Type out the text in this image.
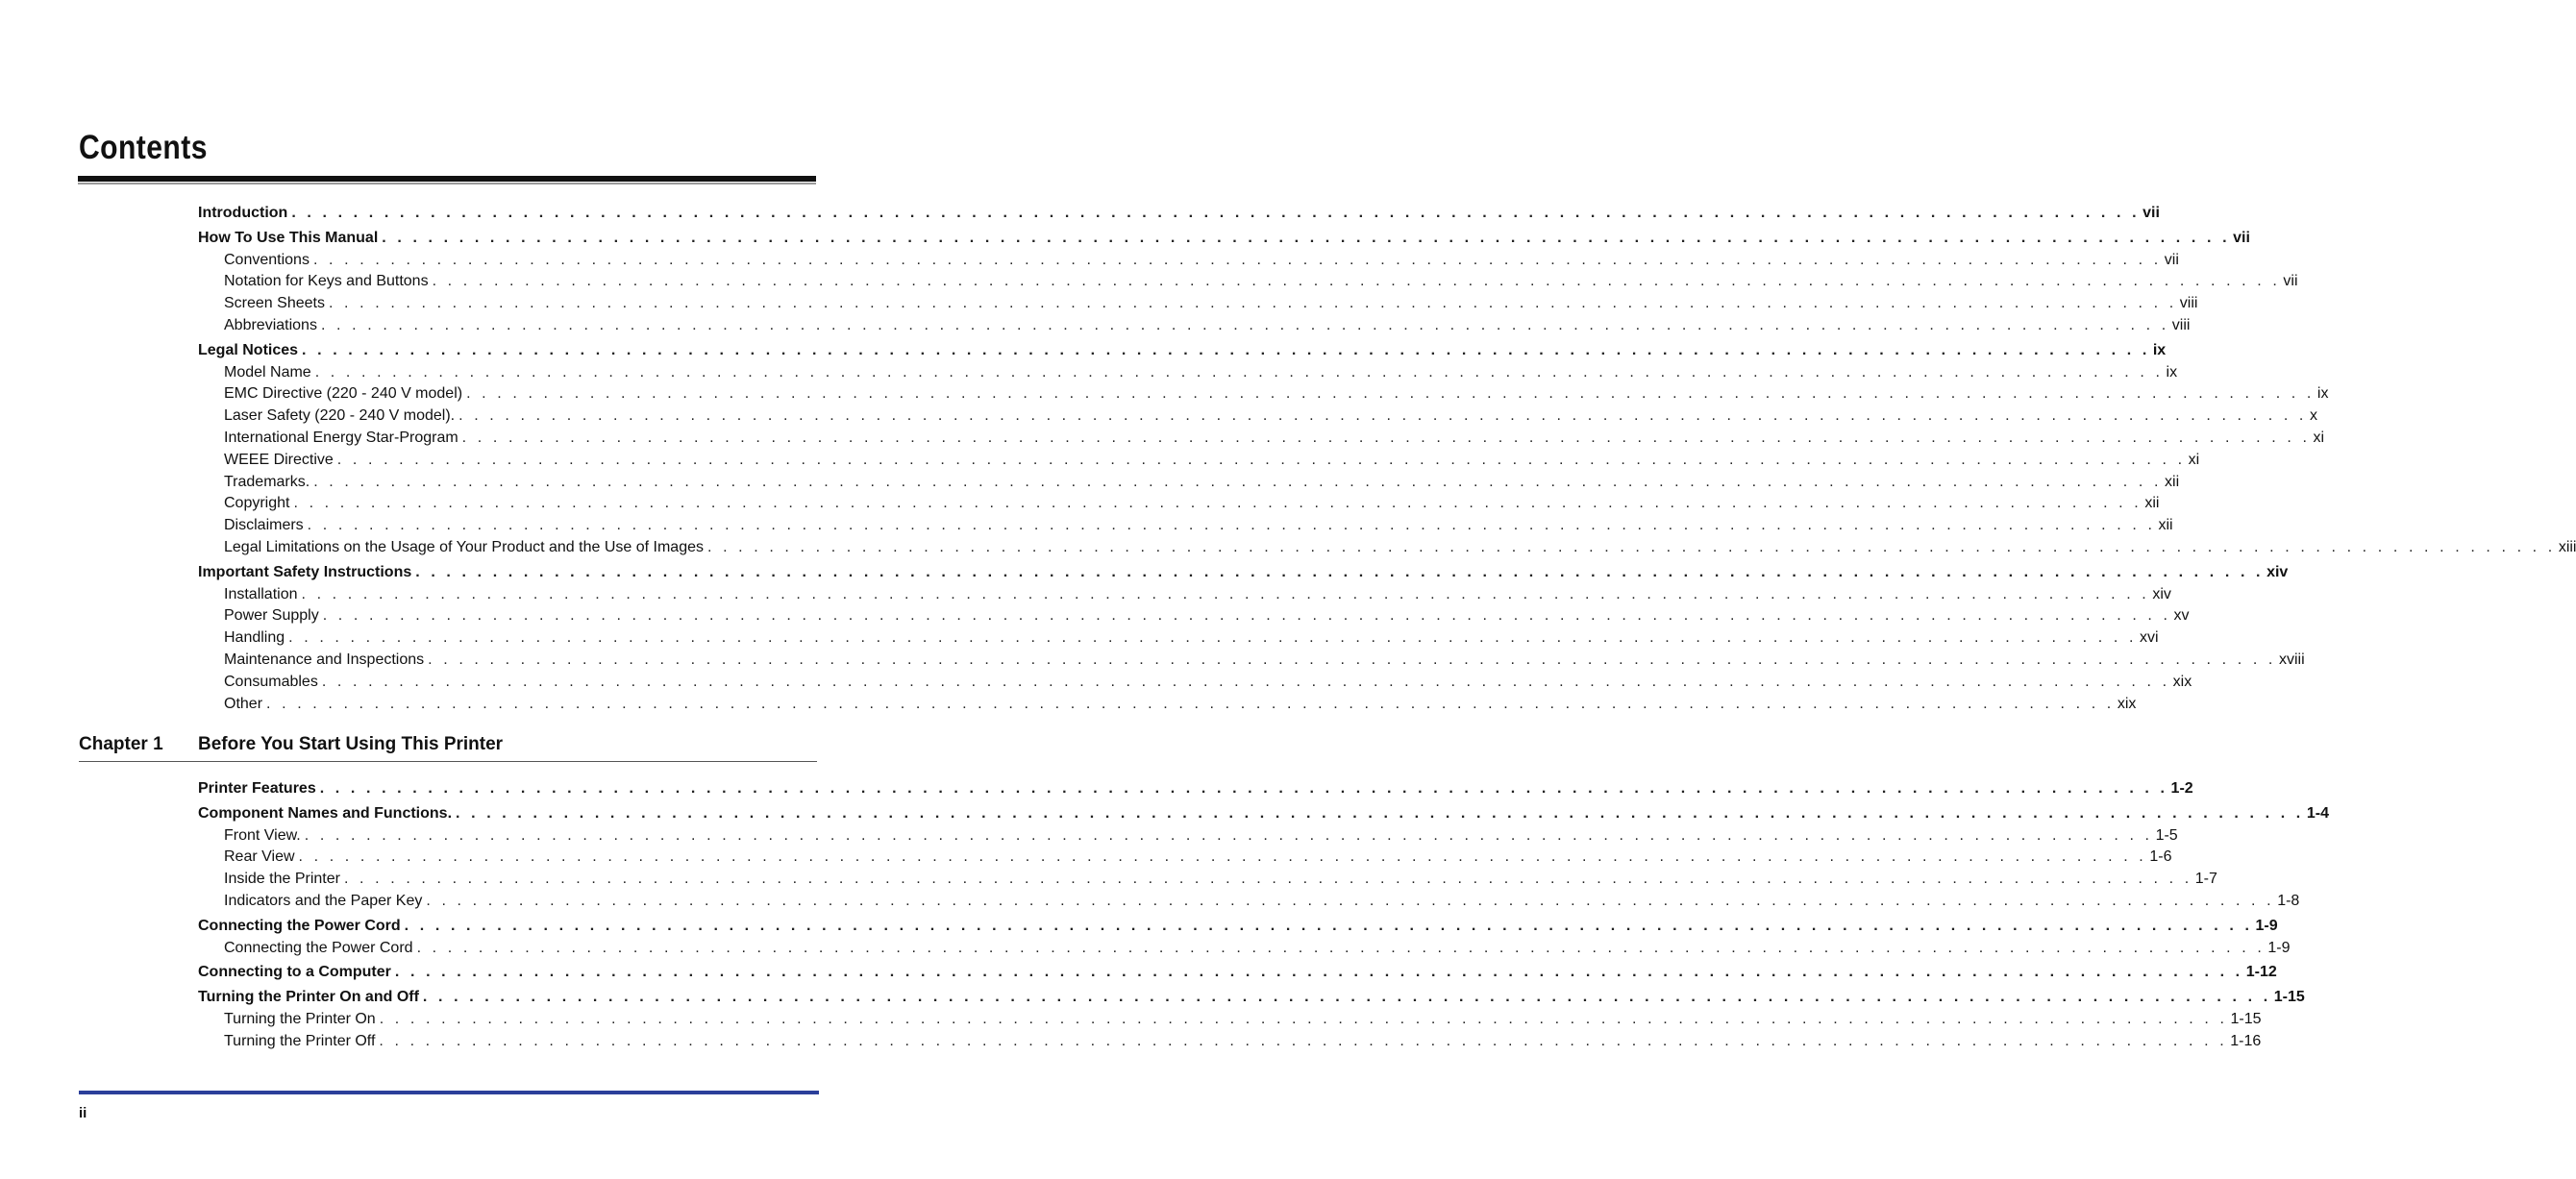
Contents
Introduction . . . . . . . . . . . . . . . . . . . . . . . . . . . . . . . . . . . . . . . . . . . . . . . . . . . . . . . . . . . . . . . . . . . . . . . . . . . . . . . . . . . . . . . . . . . . . . . . . . . . . . . . . . . . . . . . . . . . . . . . vii
How To Use This Manual . . . . . . . . . . . . . . . . . . . . . . . . . . . . . . . . . . . . . . . . . . . . . . . . . . . . . . . . . . . . . . . . . . . . . . . . . . . . . . . . . . . . . . . . . . . . . . . . . . . . . . . . . . . . . . . . . . . . . . . . vii
Conventions . . . . . . . . . . . . . . . . . . . . . . . . . . . . . . . . . . . . . . . . . . . . . . . . . . . . . . . . . . . . . . . . . . . . . . . . . . . . . . . . . . . . . . . . . . . . . . . . . . . . . . . . . . . . . . . . . . . . . . . . vii
Notation for Keys and Buttons . . . . . . . . . . . . . . . . . . . . . . . . . . . . . . . . . . . . . . . . . . . . . . . . . . . . . . . . . . . . . . . . . . . . . . . . . . . . . . . . . . . . . . . . . . . . . . . . . . . . . . . . . . . . . . . . . . . . . . . . vii
Screen Sheets . . . . . . . . . . . . . . . . . . . . . . . . . . . . . . . . . . . . . . . . . . . . . . . . . . . . . . . . . . . . . . . . . . . . . . . . . . . . . . . . . . . . . . . . . . . . . . . . . . . . . . . . . . . . . . . . . . . . . . . . viii
Abbreviations . . . . . . . . . . . . . . . . . . . . . . . . . . . . . . . . . . . . . . . . . . . . . . . . . . . . . . . . . . . . . . . . . . . . . . . . . . . . . . . . . . . . . . . . . . . . . . . . . . . . . . . . . . . . . . . . . . . . . . . . viii
Legal Notices . . . . . . . . . . . . . . . . . . . . . . . . . . . . . . . . . . . . . . . . . . . . . . . . . . . . . . . . . . . . . . . . . . . . . . . . . . . . . . . . . . . . . . . . . . . . . . . . . . . . . . . . . . . . . . . . . . . . . . . . ix
Model Name . . . . . . . . . . . . . . . . . . . . . . . . . . . . . . . . . . . . . . . . . . . . . . . . . . . . . . . . . . . . . . . . . . . . . . . . . . . . . . . . . . . . . . . . . . . . . . . . . . . . . . . . . . . . . . . . . . . . . . . . ix
EMC Directive (220 - 240 V model) . . . . . . . . . . . . . . . . . . . . . . . . . . . . . . . . . . . . . . . . . . . . . . . . . . . . . . . . . . . . . . . . . . . . . . . . . . . . . . . . . . . . . . . . . . . . . . . . . . . . . . . . . . . . . . . . . . . . . . . . ix
Laser Safety (220 - 240 V model). . . . . . . . . . . . . . . . . . . . . . . . . . . . . . . . . . . . . . . . . . . . . . . . . . . . . . . . . . . . . . . . . . . . . . . . . . . . . . . . . . . . . . . . . . . . . . . . . . . . . . . . . . . . . . . . . . . . . . . . . x
International Energy Star-Program . . . . . . . . . . . . . . . . . . . . . . . . . . . . . . . . . . . . . . . . . . . . . . . . . . . . . . . . . . . . . . . . . . . . . . . . . . . . . . . . . . . . . . . . . . . . . . . . . . . . . . . . . . . . . . . . . . . . . . . . xi
WEEE Directive . . . . . . . . . . . . . . . . . . . . . . . . . . . . . . . . . . . . . . . . . . . . . . . . . . . . . . . . . . . . . . . . . . . . . . . . . . . . . . . . . . . . . . . . . . . . . . . . . . . . . . . . . . . . . . . . . . . . . . . . xi
Trademarks. . . . . . . . . . . . . . . . . . . . . . . . . . . . . . . . . . . . . . . . . . . . . . . . . . . . . . . . . . . . . . . . . . . . . . . . . . . . . . . . . . . . . . . . . . . . . . . . . . . . . . . . . . . . . . . . . . . . . . . . . xii
Copyright . . . . . . . . . . . . . . . . . . . . . . . . . . . . . . . . . . . . . . . . . . . . . . . . . . . . . . . . . . . . . . . . . . . . . . . . . . . . . . . . . . . . . . . . . . . . . . . . . . . . . . . . . . . . . . . . . . . . . . . . xii
Disclaimers . . . . . . . . . . . . . . . . . . . . . . . . . . . . . . . . . . . . . . . . . . . . . . . . . . . . . . . . . . . . . . . . . . . . . . . . . . . . . . . . . . . . . . . . . . . . . . . . . . . . . . . . . . . . . . . . . . . . . . . . xii
Legal Limitations on the Usage of Your Product and the Use of Images . . . . . . . . . . . . . . . . . . . . . . . . . . . . . . . . . . . . . . . . . . . . . . . . . . . . . . . . . . . . . . . . . . . . . . . . . . . . . . . . . . . . . . . . . . . . . . . . . . . . . . . . . . . . . . . . . . . . . . . . xiii
Important Safety Instructions . . . . . . . . . . . . . . . . . . . . . . . . . . . . . . . . . . . . . . . . . . . . . . . . . . . . . . . . . . . . . . . . . . . . . . . . . . . . . . . . . . . . . . . . . . . . . . . . . . . . . . . . . . . . . . . . . . . . . . . . xiv
Installation . . . . . . . . . . . . . . . . . . . . . . . . . . . . . . . . . . . . . . . . . . . . . . . . . . . . . . . . . . . . . . . . . . . . . . . . . . . . . . . . . . . . . . . . . . . . . . . . . . . . . . . . . . . . . . . . . . . . . . . . xiv
Power Supply . . . . . . . . . . . . . . . . . . . . . . . . . . . . . . . . . . . . . . . . . . . . . . . . . . . . . . . . . . . . . . . . . . . . . . . . . . . . . . . . . . . . . . . . . . . . . . . . . . . . . . . . . . . . . . . . . . . . . . . . xv
Handling . . . . . . . . . . . . . . . . . . . . . . . . . . . . . . . . . . . . . . . . . . . . . . . . . . . . . . . . . . . . . . . . . . . . . . . . . . . . . . . . . . . . . . . . . . . . . . . . . . . . . . . . . . . . . . . . . . . . . . . . xvi
Maintenance and Inspections . . . . . . . . . . . . . . . . . . . . . . . . . . . . . . . . . . . . . . . . . . . . . . . . . . . . . . . . . . . . . . . . . . . . . . . . . . . . . . . . . . . . . . . . . . . . . . . . . . . . . . . . . . . . . . . . . . . . . . . . xviii
Consumables . . . . . . . . . . . . . . . . . . . . . . . . . . . . . . . . . . . . . . . . . . . . . . . . . . . . . . . . . . . . . . . . . . . . . . . . . . . . . . . . . . . . . . . . . . . . . . . . . . . . . . . . . . . . . . . . . . . . . . . . xix
Other . . . . . . . . . . . . . . . . . . . . . . . . . . . . . . . . . . . . . . . . . . . . . . . . . . . . . . . . . . . . . . . . . . . . . . . . . . . . . . . . . . . . . . . . . . . . . . . . . . . . . . . . . . . . . . . . . . . . . . . . xix
Chapter 1 Before You Start Using This Printer
Printer Features . . . . . . . . . . . . . . . . . . . . . . . . . . . . . . . . . . . . . . . . . . . . . . . . . . . . . . . . . . . . . . . . . . . . . . . . . . . . . . . . . . . . . . . . . . . . . . . . . . . . . . . . . . . . . . . . . . . . . . . . 1-2
Component Names and Functions. . . . . . . . . . . . . . . . . . . . . . . . . . . . . . . . . . . . . . . . . . . . . . . . . . . . . . . . . . . . . . . . . . . . . . . . . . . . . . . . . . . . . . . . . . . . . . . . . . . . . . . . . . . . . . . . . . . . . . . . . 1-4
Front View. . . . . . . . . . . . . . . . . . . . . . . . . . . . . . . . . . . . . . . . . . . . . . . . . . . . . . . . . . . . . . . . . . . . . . . . . . . . . . . . . . . . . . . . . . . . . . . . . . . . . . . . . . . . . . . . . . . . . . . . . 1-5
Rear View . . . . . . . . . . . . . . . . . . . . . . . . . . . . . . . . . . . . . . . . . . . . . . . . . . . . . . . . . . . . . . . . . . . . . . . . . . . . . . . . . . . . . . . . . . . . . . . . . . . . . . . . . . . . . . . . . . . . . . . . 1-6
Inside the Printer . . . . . . . . . . . . . . . . . . . . . . . . . . . . . . . . . . . . . . . . . . . . . . . . . . . . . . . . . . . . . . . . . . . . . . . . . . . . . . . . . . . . . . . . . . . . . . . . . . . . . . . . . . . . . . . . . . . . . . . . 1-7
Indicators and the Paper Key . . . . . . . . . . . . . . . . . . . . . . . . . . . . . . . . . . . . . . . . . . . . . . . . . . . . . . . . . . . . . . . . . . . . . . . . . . . . . . . . . . . . . . . . . . . . . . . . . . . . . . . . . . . . . . . . . . . . . . . . 1-8
Connecting the Power Cord . . . . . . . . . . . . . . . . . . . . . . . . . . . . . . . . . . . . . . . . . . . . . . . . . . . . . . . . . . . . . . . . . . . . . . . . . . . . . . . . . . . . . . . . . . . . . . . . . . . . . . . . . . . . . . . . . . . . . . . . 1-9
Connecting the Power Cord . . . . . . . . . . . . . . . . . . . . . . . . . . . . . . . . . . . . . . . . . . . . . . . . . . . . . . . . . . . . . . . . . . . . . . . . . . . . . . . . . . . . . . . . . . . . . . . . . . . . . . . . . . . . . . . . . . . . . . . . 1-9
Connecting to a Computer . . . . . . . . . . . . . . . . . . . . . . . . . . . . . . . . . . . . . . . . . . . . . . . . . . . . . . . . . . . . . . . . . . . . . . . . . . . . . . . . . . . . . . . . . . . . . . . . . . . . . . . . . . . . . . . . . . . . . . . . 1-12
Turning the Printer On and Off . . . . . . . . . . . . . . . . . . . . . . . . . . . . . . . . . . . . . . . . . . . . . . . . . . . . . . . . . . . . . . . . . . . . . . . . . . . . . . . . . . . . . . . . . . . . . . . . . . . . . . . . . . . . . . . . . . . . . . . . 1-15
Turning the Printer On . . . . . . . . . . . . . . . . . . . . . . . . . . . . . . . . . . . . . . . . . . . . . . . . . . . . . . . . . . . . . . . . . . . . . . . . . . . . . . . . . . . . . . . . . . . . . . . . . . . . . . . . . . . . . . . . . . . . . . . . 1-15
Turning the Printer Off . . . . . . . . . . . . . . . . . . . . . . . . . . . . . . . . . . . . . . . . . . . . . . . . . . . . . . . . . . . . . . . . . . . . . . . . . . . . . . . . . . . . . . . . . . . . . . . . . . . . . . . . . . . . . . . . . . . . . . . . 1-16
ii
